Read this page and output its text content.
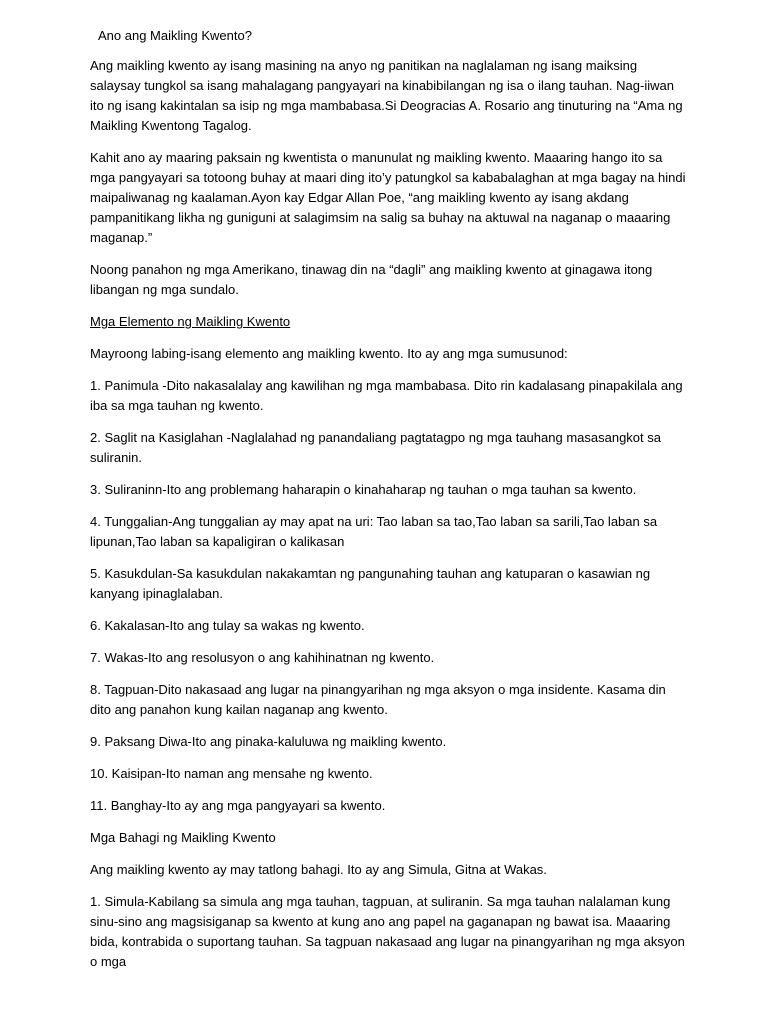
Ano ang Maikling Kwento?

Ang maikling kwento ay isang masining na anyo ng panitikan na naglalaman ng isang maiksing salaysay tungkol sa isang mahalagang pangyayari na kinabibilangan ng isa o ilang tauhan. Nag-iiwan ito ng isang kakintalan sa isip ng mga mambabasa.Si Deogracias A. Rosario ang tinuturing na “Ama ng Maikling Kwentong Tagalog.

Kahit ano ay maaring paksain ng kwentista o manunulat ng maikling kwento. Maaaring hango ito sa mga pangyayari sa totoong buhay at maari ding ito’y patungkol sa kababalaghan at mga bagay na hindi maipaliwanag ng kaalaman.Ayon kay Edgar Allan Poe, “ang maikling kwento ay isang akdang pampanitikang likha ng guniguni at salagimsim na salig sa buhay na aktuwal na naganap o maaaring maganap.”

Noong panahon ng mga Amerikano, tinawag din na “dagli” ang maikling kwento at ginagawa itong libangan ng mga sundalo.

Mga Elemento ng Maikling Kwento

Mayroong labing-isang elemento ang maikling kwento. Ito ay ang mga sumusunod:

1. Panimula -Dito nakasalalay ang kawilihan ng mga mambabasa. Dito rin kadalasang pinapakilala ang iba sa mga tauhan ng kwento.

2. Saglit na Kasiglahan -Naglalahad ng panandaliang pagtatagpo ng mga tauhang masasangkot sa suliranin.

3. Suliraninn-Ito ang problemang haharapin o kinahaharap ng tauhan o mga tauhan sa kwento.

4. Tunggalian-Ang tunggalian ay may apat na uri: Tao laban sa tao,Tao laban sa sarili,Tao laban sa lipunan,Tao laban sa kapaligiran o kalikasan

5. Kasukdulan-Sa kasukdulan nakakamtan ng pangunahing tauhan ang katuparan o kasawian ng kanyang ipinaglalaban.

6. Kakalasan-Ito ang tulay sa wakas ng kwento.

7. Wakas-Ito ang resolusyon o ang kahihinatnan ng kwento.

8. Tagpuan-Dito nakasaad ang lugar na pinangyarihan ng mga aksyon o mga insidente. Kasama din dito ang panahon kung kailan naganap ang kwento.

9. Paksang Diwa-Ito ang pinaka-kaluluwa ng maikling kwento.

10. Kaisipan-Ito naman ang mensahe ng kwento.

11. Banghay-Ito ay ang mga pangyayari sa kwento.

Mga Bahagi ng Maikling Kwento

Ang maikling kwento ay may tatlong bahagi. Ito ay ang Simula, Gitna at Wakas.

1. Simula-Kabilang sa simula ang mga tauhan, tagpuan, at suliranin. Sa mga tauhan nalalaman kung sinu-sino ang magsisiganap sa kwento at kung ano ang papel na gaganapan ng bawat isa. Maaaring bida, kontrabida o suportang tauhan. Sa tagpuan nakasaad ang lugar na pinangyarihan ng mga aksyon o mga
